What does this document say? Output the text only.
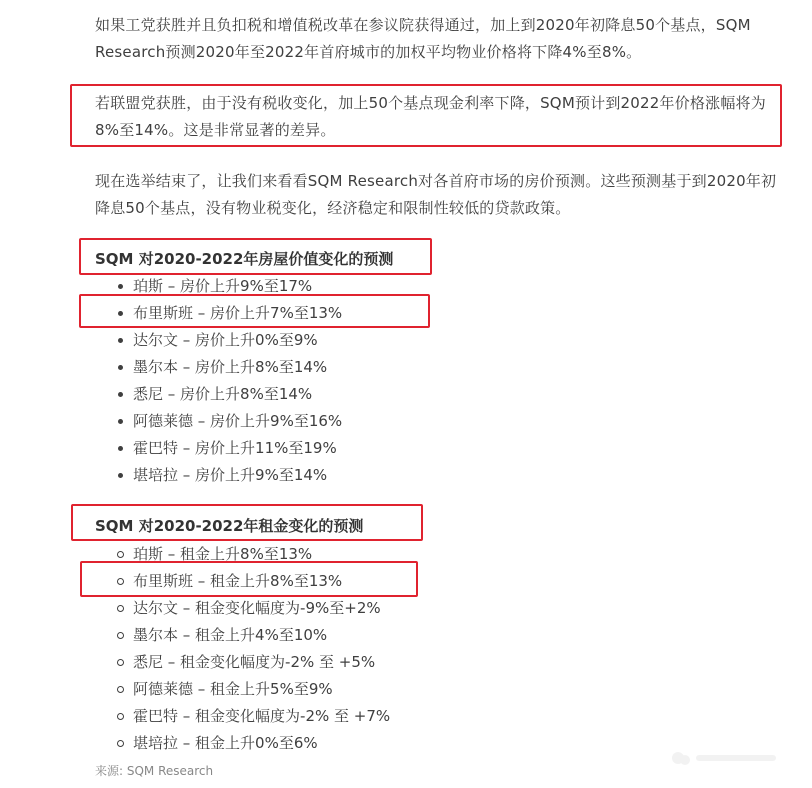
如果工党获胜并且负扣税和增值税改革在参议院获得通过，加上到2020年初降息50个基点，SQM Research预测2020年至2022年首府城市的加权平均物业价格将下降4%至8%。

若联盟党获胜，由于没有税收变化，加上50个基点现金利率下降，SQM预计到2022年价格涨幅将为8%至14%。这是非常显著的差异。

现在选举结束了，让我们来看看SQM Research对各首府市场的房价预测。这些预测基于到2020年初降息50个基点，没有物业税变化，经济稳定和限制性较低的贷款政策。

SQM 对2020-2022年房屋价值变化的预测
珀斯 – 房价上升9%至17%
布里斯班 – 房价上升7%至13%
达尔文 – 房价上升0%至9%
墨尔本 – 房价上升8%至14%
悉尼 – 房价上升8%至14%
阿德莱德 – 房价上升9%至16%
霍巴特 – 房价上升11%至19%
堪培拉 – 房价上升9%至14%
SQM 对2020-2022年租金变化的预测
珀斯 – 租金上升8%至13%
布里斯班 – 租金上升8%至13%
达尔文 – 租金变化幅度为-9%至+2%
墨尔本 – 租金上升4%至10%
悉尼 – 租金变化幅度为-2% 至 +5%
阿德莱德 – 租金上升5%至9%
霍巴特 – 租金变化幅度为-2% 至 +7%
堪培拉 – 租金上升0%至6%
来源: SQM Research
